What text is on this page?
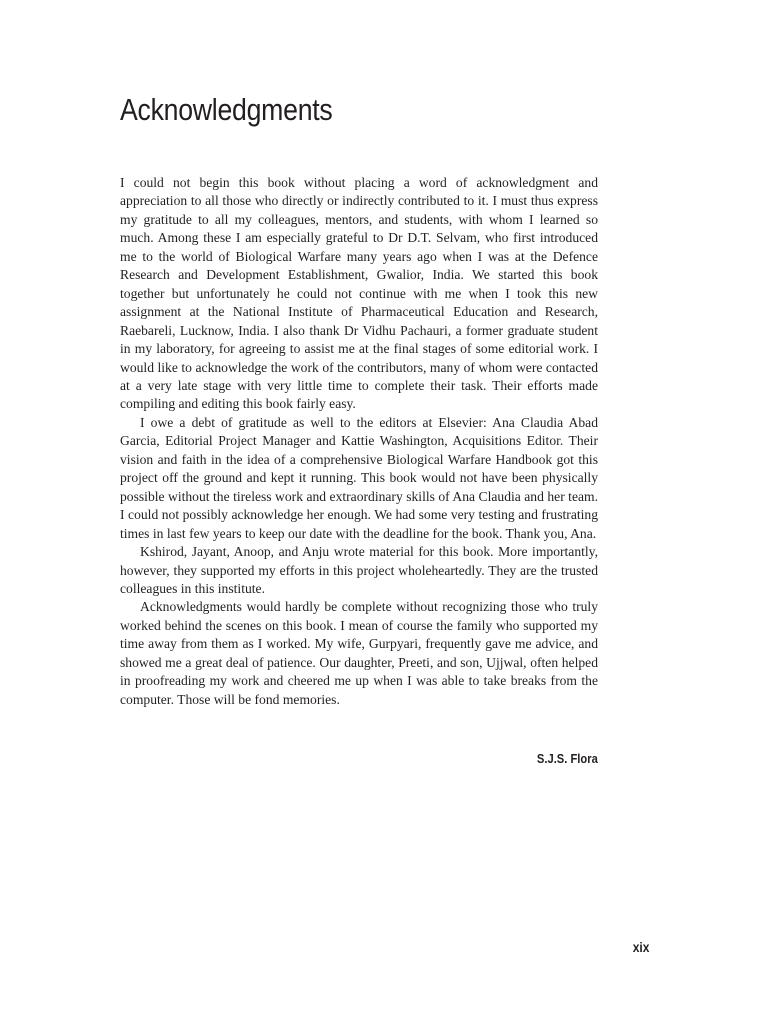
Acknowledgments

I could not begin this book without placing a word of acknowledgment and appreciation to all those who directly or indirectly contributed to it. I must thus express my gratitude to all my colleagues, mentors, and students, with whom I learned so much. Among these I am especially grateful to Dr D.T. Selvam, who first introduced me to the world of Biological Warfare many years ago when I was at the Defence Research and Development Establishment, Gwalior, India. We started this book together but unfortunately he could not continue with me when I took this new assignment at the National Institute of Pharmaceutical Education and Research, Raebareli, Lucknow, India. I also thank Dr Vidhu Pachauri, a former graduate student in my laboratory, for agreeing to assist me at the final stages of some editorial work. I would like to acknowledge the work of the contributors, many of whom were contacted at a very late stage with very little time to complete their task. Their efforts made compiling and editing this book fairly easy.

I owe a debt of gratitude as well to the editors at Elsevier: Ana Claudia Abad Garcia, Editorial Project Manager and Kattie Washington, Acquisitions Editor. Their vision and faith in the idea of a comprehensive Biological Warfare Handbook got this project off the ground and kept it running. This book would not have been physically possible without the tireless work and extraordinary skills of Ana Claudia and her team. I could not possibly acknowledge her enough. We had some very testing and frustrating times in last few years to keep our date with the deadline for the book. Thank you, Ana.

Kshirod, Jayant, Anoop, and Anju wrote material for this book. More importantly, however, they supported my efforts in this project wholeheartedly. They are the trusted colleagues in this institute.

Acknowledgments would hardly be complete without recognizing those who truly worked behind the scenes on this book. I mean of course the family who supported my time away from them as I worked. My wife, Gurpyari, frequently gave me advice, and showed me a great deal of patience. Our daughter, Preeti, and son, Ujjwal, often helped in proofreading my work and cheered me up when I was able to take breaks from the computer. Those will be fond memories.

S.J.S. Flora
xix
